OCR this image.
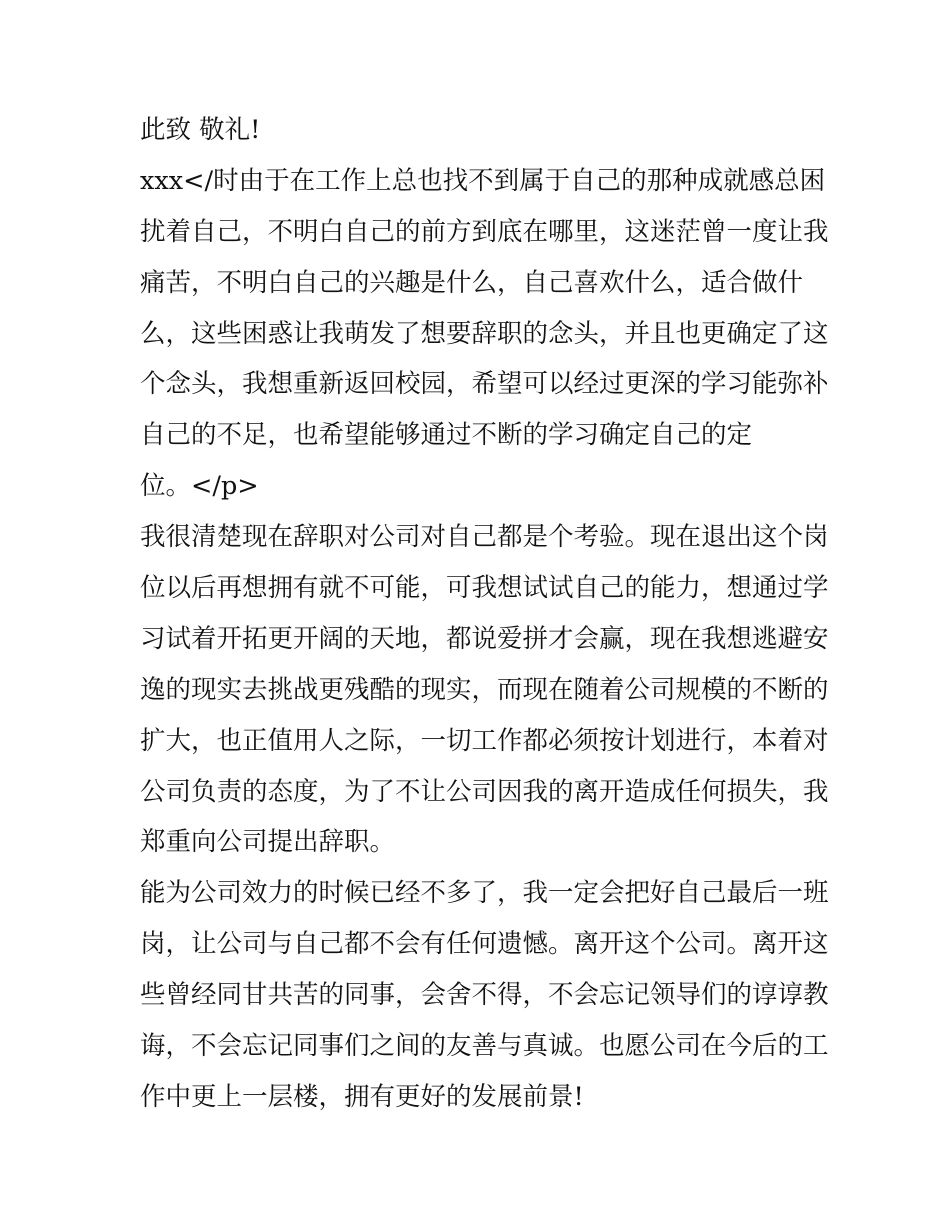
此致 敬礼!
xxx</时由于在工作上总也找不到属于自己的那种成就感总困
扰着自己，不明白自己的前方到底在哪里，这迷茫曾一度让我
痛苦，不明白自己的兴趣是什么，自己喜欢什么，适合做什
么，这些困惑让我萌发了想要辞职的念头，并且也更确定了这
个念头，我想重新返回校园，希望可以经过更深的学习能弥补
自己的不足，也希望能够通过不断的学习确定自己的定
位。</p>
我很清楚现在辞职对公司对自己都是个考验。现在退出这个岗
位以后再想拥有就不可能，可我想试试自己的能力，想通过学
习试着开拓更开阔的天地，都说爱拼才会赢，现在我想逃避安
逸的现实去挑战更残酷的现实，而现在随着公司规模的不断的
扩大，也正值用人之际，一切工作都必须按计划进行，本着对
公司负责的态度，为了不让公司因我的离开造成任何损失，我
郑重向公司提出辞职。
能为公司效力的时候已经不多了，我一定会把好自己最后一班
岗，让公司与自己都不会有任何遗憾。离开这个公司。离开这
些曾经同甘共苦的同事，会舍不得，不会忘记领导们的谆谆教
诲，不会忘记同事们之间的友善与真诚。也愿公司在今后的工
作中更上一层楼，拥有更好的发展前景!
